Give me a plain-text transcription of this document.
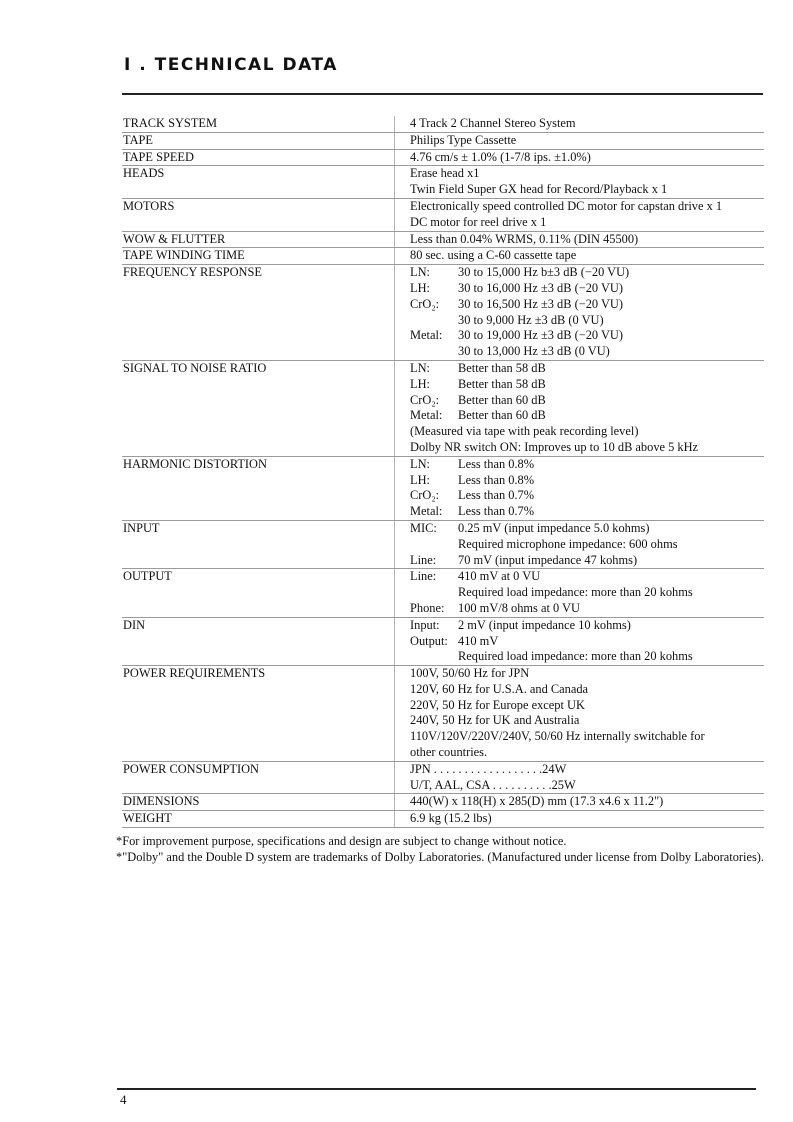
I . TECHNICAL DATA
TRACK SYSTEM	4 Track 2 Channel Stereo System
TAPE	Philips Type Cassette
TAPE SPEED	4.76 cm/s ± 1.0% (1-7/8 ips. ±1.0%)
HEADS	Erase head x1
Twin Field Super GX head for Record/Playback x 1
MOTORS	Electronically speed controlled DC motor for capstan drive x 1
DC motor for reel drive x 1
WOW & FLUTTER	Less than 0.04% WRMS, 0.11% (DIN 45500)
TAPE WINDING TIME	80 sec. using a C-60 cassette tape
FREQUENCY RESPONSE	LN:	30 to 15,000 Hz b±3 dB (−20 VU)
LH:	30 to 16,000 Hz ±3 dB (−20 VU)
CrO₂:	30 to 16,500 Hz ±3 dB (−20 VU)
30 to 9,000 Hz ±3 dB (0 VU)
Metal:	30 to 19,000 Hz ±3 dB (−20 VU)
30 to 13,000 Hz ±3 dB (0 VU)
SIGNAL TO NOISE RATIO	LN:	Better than 58 dB
LH:	Better than 58 dB
CrO₂:	Better than 60 dB
Metal:	Better than 60 dB
(Measured via tape with peak recording level)
Dolby NR switch ON: Improves up to 10 dB above 5 kHz
HARMONIC DISTORTION	LN:	Less than 0.8%
LH:	Less than 0.8%
CrO₂:	Less than 0.7%
Metal:	Less than 0.7%
INPUT	MIC:	0.25 mV (input impedance 5.0 kohms)
Required microphone impedance: 600 ohms
Line:	70 mV (input impedance 47 kohms)
OUTPUT	Line:	410 mV at 0 VU
Required load impedance: more than 20 kohms
Phone:	100 mV/8 ohms at 0 VU
DIN	Input:	2 mV (input impedance 10 kohms)
Output: 410 mV
Required load impedance: more than 20 kohms
POWER REQUIREMENTS	100V, 50/60 Hz for JPN
120V, 60 Hz for U.S.A. and Canada
220V, 50 Hz for Europe except UK
240V, 50 Hz for UK and Australia
110V/120V/220V/240V, 50/60 Hz internally switchable for
other countries.
POWER CONSUMPTION	JPN . . . . . . . . . . . . . . . . . .24W
U/T, AAL, CSA . . . . . . . . . .25W
DIMENSIONS	440(W) x 118(H) x 285(D) mm (17.3 x4.6 x 11.2")
WEIGHT	6.9 kg (15.2 lbs)
*For improvement purpose, specifications and design are subject to change without notice.
*"Dolby" and the Double D system are trademarks of Dolby Laboratories. (Manufactured under license from Dolby Laboratories).
4
